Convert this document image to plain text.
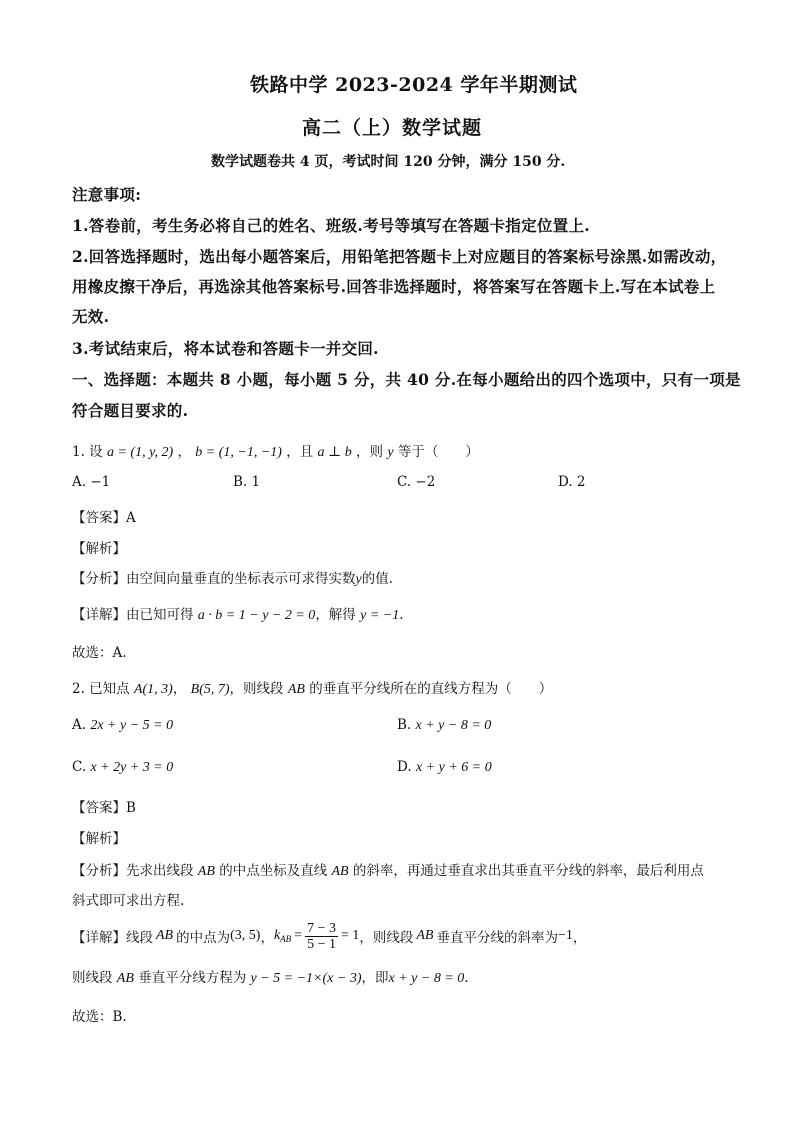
铁路中学 2023-2024 学年半期测试
高二（上）数学试题
数学试题卷共 4 页，考试时间 120 分钟，满分 150 分.
注意事项:
1.答卷前，考生务必将自己的姓名、班级.考号等填写在答题卡指定位置上.
2.回答选择题时，选出每小题答案后，用铅笔把答题卡上对应题目的答案标号涂黑.如需改动，
用橡皮擦干净后，再选涂其他答案标号.回答非选择题时，将答案写在答题卡上.写在本试卷上
无效.
3.考试结束后，将本试卷和答题卡一并交回.
一、选择题：本题共 8 小题，每小题 5 分，共 40 分.在每小题给出的四个选项中，只有一项是
符合题目要求的.
1. 设 a = (1, y, 2) ， b = (1, −1, −1) ，且 a ⊥ b ，则 y 等于（　　）
A. −1	B. 1	C. −2	D. 2
【答案】A
【解析】
【分析】由空间向量垂直的坐标表示可求得实数y的值.
【详解】由已知可得 a · b = 1 − y − 2 = 0，解得 y = −1.
故选：A.
2. 已知点 A(1, 3)， B(5, 7)，则线段 AB 的垂直平分线所在的直线方程为（　　）
A. 2x + y − 5 = 0	B. x + y − 8 = 0
C. x + 2y + 3 = 0	D. x + y + 6 = 0
【答案】B
【解析】
【分析】先求出线段 AB 的中点坐标及直线 AB 的斜率，再通过垂直求出其垂直平分线的斜率，最后利用点
斜式即可求出方程.
【详解】 线段 AB 的中点为 (3, 5) ， $k_{AB} = \frac{7 - 3}{5 - 1} = 1$ ，则线段 AB 垂直平分线的斜率为 −1 ，
则线段 AB 垂直平分线方程为 y − 5 = −1×(x − 3)，即x + y − 8 = 0.
故选：B.
